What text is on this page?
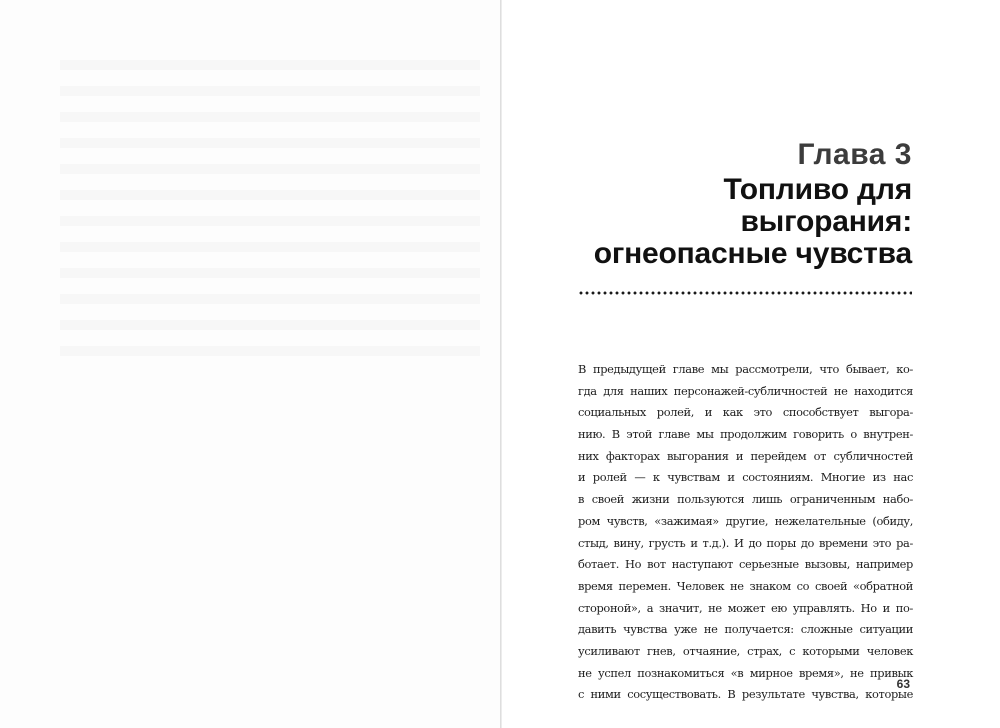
Глава 3
Топливо для
выгорания:
огнеопасные чувства
В предыдущей главе мы рассмотрели, что бывает, ко-
гда для наших персонажей-субличностей не находится
социальных ролей, и как это способствует выгора-
нию. В этой главе мы продолжим говорить о внутрен-
них факторах выгорания и перейдем от субличностей
и ролей — к чувствам и состояниям. Многие из нас
в своей жизни пользуются лишь ограниченным набо-
ром чувств, «зажимая» другие, нежелательные (обиду,
стыд, вину, грусть и т.д.). И до поры до времени это ра-
ботает. Но вот наступают серьезные вызовы, например
время перемен. Человек не знаком со своей «обратной
стороной», а значит, не может ею управлять. Но и по-
давить чувства уже не получается: сложные ситуации
усиливают гнев, отчаяние, страх, с которыми человек
не успел познакомиться «в мирное время», не привык
с ними сосуществовать. В результате чувства, которые
63
